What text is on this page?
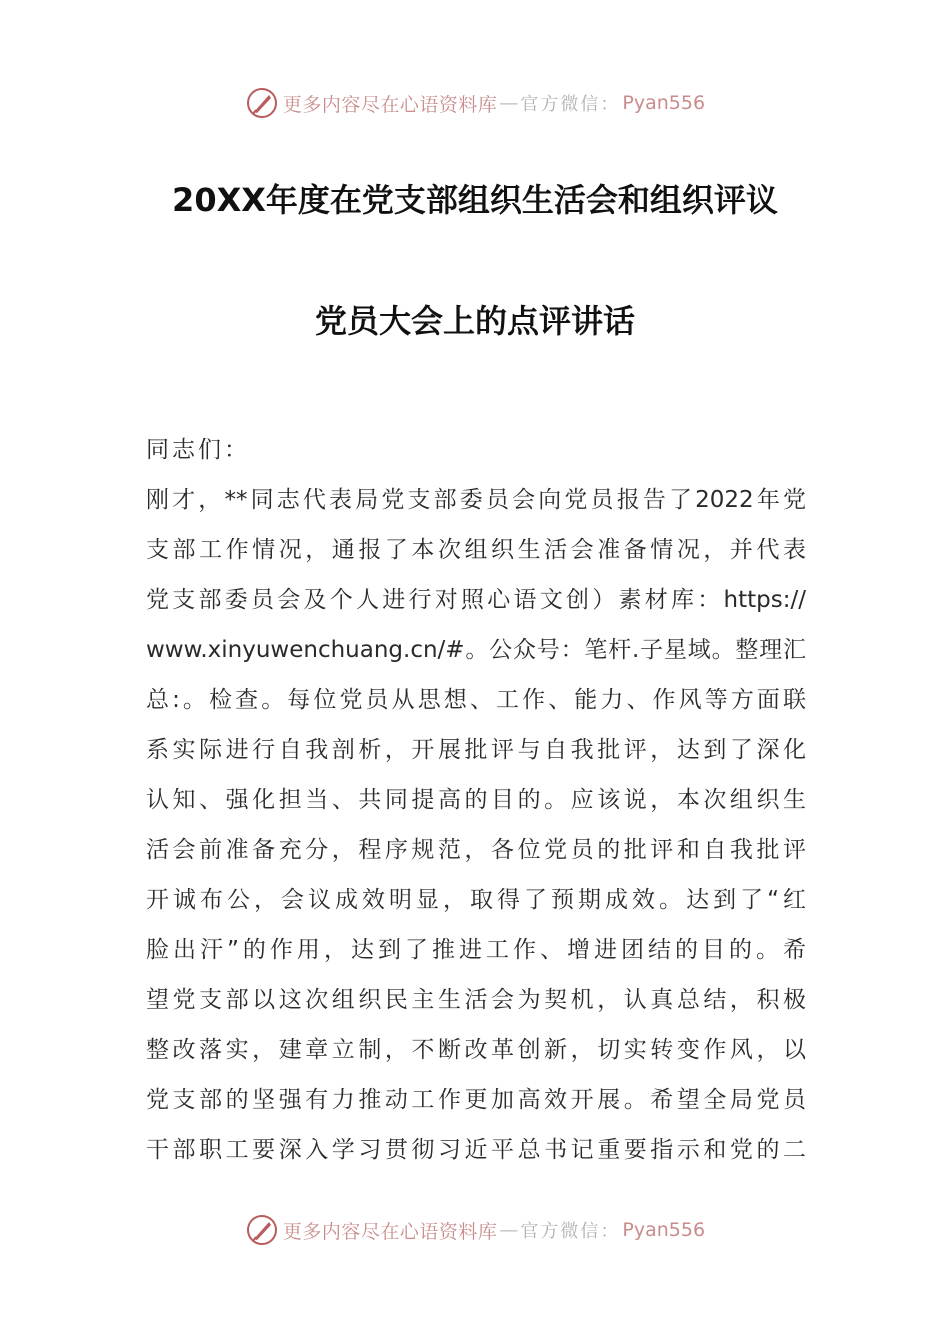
更多内容尽在心语资料库 — 官方微信： Pyan556
20XX年度在党支部组织生活会和组织评议
党员大会上的点评讲话
同志们：
刚才，**同志代表局党支部委员会向党员报告了2022年党
支部工作情况，通报了本次组织生活会准备情况，并代表
党支部委员会及个人进行对照心语文创）素材库：https://
www.xinyuwenchuang.cn/#。公众号：笔杆.子星域。整理汇
总:。检查。每位党员从思想、工作、能力、作风等方面联
系实际进行自我剖析，开展批评与自我批评，达到了深化
认知、强化担当、共同提高的目的。应该说，本次组织生
活会前准备充分，程序规范，各位党员的批评和自我批评
开诚布公，会议成效明显，取得了预期成效。达到了“红
脸出汗”的作用，达到了推进工作、增进团结的目的。希
望党支部以这次组织民主生活会为契机，认真总结，积极
整改落实，建章立制，不断改革创新，切实转变作风，以
党支部的坚强有力推动工作更加高效开展。希望全局党员
干部职工要深入学习贯彻习近平总书记重要指示和党的二
更多内容尽在心语资料库 — 官方微信： Pyan556
